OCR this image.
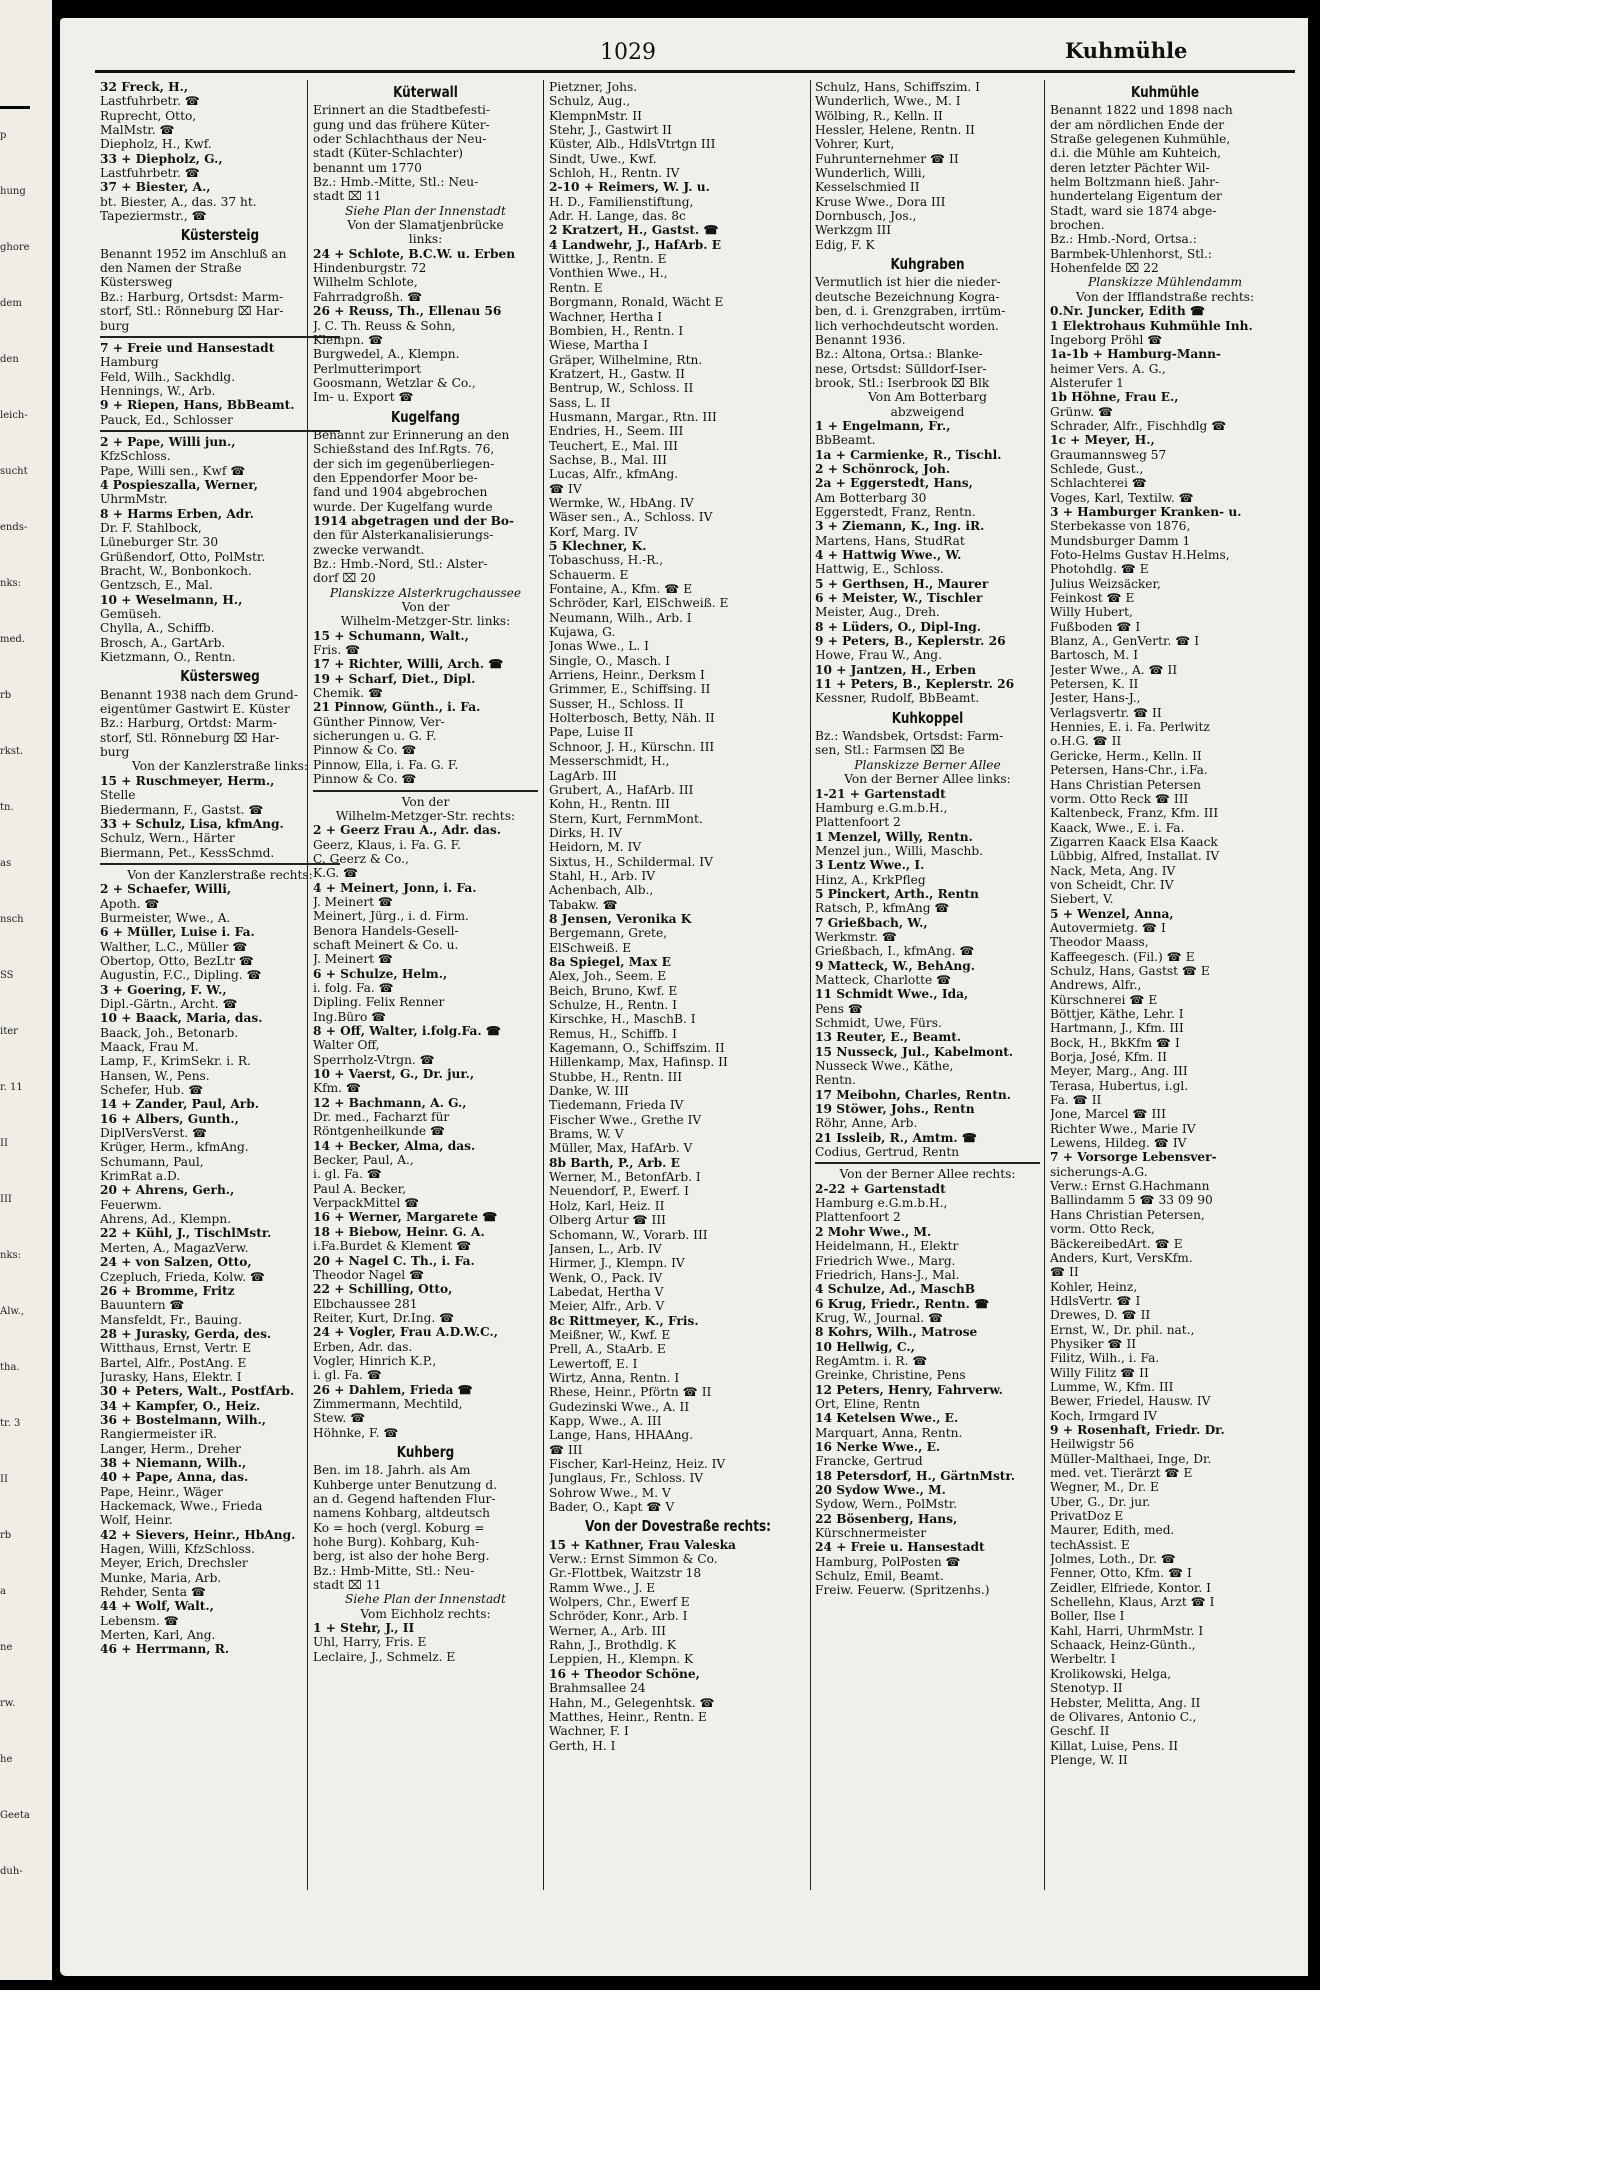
p
hung
ghore
dem
den
leich-
sucht
ends-
nks:
med.
rb
rkst.
tn.
as
nsch
SS
iter
r. 11
II
III
nks:
Alw.,
tha.
tr. 3
II
rb
a
ne
rw.
he
Geeta
duh-
1029	Kuhmühle
32 Freck, H.,
Lastfuhrbetr. ☎
Ruprecht, Otto,
MalMstr. ☎
Diepholz, H., Kwf.
33 + Diepholz, G.,
Lastfuhrbetr. ☎
37 + Biester, A.,
bt. Biester, A., das. 37 ht.
Tapeziermstr., ☎
Küstersteig
Benannt 1952 im Anschluß an
den Namen der Straße
Küstersweg
Bz.: Harburg, Ortsdst: Marm-
storf, Stl.: Rönneburg ⌧ Har-
burg
7 + Freie und Hansestadt
Hamburg
Feld, Wilh., Sackhdlg.
Hennings, W., Arb.
9 + Riepen, Hans, BbBeamt.
Pauck, Ed., Schlosser
2 + Pape, Willi jun.,
KfzSchloss.
Pape, Willi sen., Kwf ☎
4 Pospieszalla, Werner,
UhrmMstr.
8 + Harms Erben, Adr.
Dr. F. Stahlbock,
Lüneburger Str. 30
Grüßendorf, Otto, PolMstr.
Bracht, W., Bonbonkoch.
Gentzsch, E., Mal.
10 + Weselmann, H.,
Gemüseh.
Chylla, A., Schiffb.
Brosch, A., GartArb.
Kietzmann, O., Rentn.
Küstersweg
Benannt 1938 nach dem Grund-
eigentümer Gastwirt E. Küster
Bz.: Harburg, Ortdst: Marm-
storf, Stl. Rönneburg ⌧ Har-
burg
Von der Kanzlerstraße links:
15 + Ruschmeyer, Herm.,
Stelle
Biedermann, F., Gastst. ☎
33 + Schulz, Lisa, kfmAng.
Schulz, Wern., Härter
Biermann, Pet., KessSchmd.
Von der Kanzlerstraße rechts:
2 + Schaefer, Willi,
Apoth. ☎
Burmeister, Wwe., A.
6 + Müller, Luise i. Fa.
Walther, L.C., Müller ☎
Obertop, Otto, BezLtr ☎
Augustin, F.C., Dipling. ☎
3 + Goering, F. W.,
Dipl.-Gärtn., Archt. ☎
10 + Baack, Maria, das.
Baack, Joh., Betonarb.
Maack, Frau M.
Lamp, F., KrimSekr. i. R.
Hansen, W., Pens.
Schefer, Hub. ☎
14 + Zander, Paul, Arb.
16 + Albers, Gunth.,
DiplVersVerst. ☎
Krüger, Herm., kfmAng.
Schumann, Paul,
KrimRat a.D.
20 + Ahrens, Gerh.,
Feuerwm.
Ahrens, Ad., Klempn.
22 + Kühl, J., TischlMstr.
Merten, A., MagazVerw.
24 + von Salzen, Otto,
Czepluch, Frieda, Kolw. ☎
26 + Bromme, Fritz
Bauuntern ☎
Mansfeldt, Fr., Bauing.
28 + Jurasky, Gerda, des.
Witthaus, Ernst, Vertr. E
Bartel, Alfr., PostAng. E
Jurasky, Hans, Elektr. I
30 + Peters, Walt., PostfArb.
34 + Kampfer, O., Heiz.
36 + Bostelmann, Wilh.,
Rangiermeister iR.
Langer, Herm., Dreher
38 + Niemann, Wilh.,
40 + Pape, Anna, das.
Pape, Heinr., Wäger
Hackemack, Wwe., Frieda
Wolf, Heinr.
42 + Sievers, Heinr., HbAng.
Hagen, Willi, KfzSchloss.
Meyer, Erich, Drechsler
Munke, Maria, Arb.
Rehder, Senta ☎
44 + Wolf, Walt.,
Lebensm. ☎
Merten, Karl, Ang.
46 + Herrmann, R.
Küterwall
Erinnert an die Stadtbefesti-
gung und das frühere Küter-
oder Schlachthaus der Neu-
stadt (Küter-Schlachter)
benannt um 1770
Bz.: Hmb.-Mitte, Stl.: Neu-
stadt ⌧ 11
Siehe Plan der Innenstadt
Von der Slamatjenbrücke
links:
24 + Schlote, B.C.W. u. Erben
Hindenburgstr. 72
Wilhelm Schlote,
Fahrradgroßh. ☎
26 + Reuss, Th., Ellenau 56
J. C. Th. Reuss & Sohn,
Klempn. ☎
Burgwedel, A., Klempn.
Perlmutterimport
Goosmann, Wetzlar & Co.,
Im- u. Export ☎
Kugelfang
Benannt zur Erinnerung an den
Schießstand des Inf.Rgts. 76,
der sich im gegenüberliegen-
den Eppendorfer Moor be-
fand und 1904 abgebrochen
wurde. Der Kugelfang wurde
1914 abgetragen und der Bo-
den für Alsterkanalisierungs-
zwecke verwandt.
Bz.: Hmb.-Nord, Stl.: Alster-
dorf ⌧ 20
Planskizze Alsterkrugchaussee
Von der
Wilhelm-Metzger-Str. links:
15 + Schumann, Walt.,
Fris. ☎
17 + Richter, Willi, Arch. ☎
19 + Scharf, Diet., Dipl.
Chemik. ☎
21 Pinnow, Günth., i. Fa.
Günther Pinnow, Ver-
sicherungen u. G. F.
Pinnow & Co. ☎
Pinnow, Ella, i. Fa. G. F.
Pinnow & Co. ☎
Von der
Wilhelm-Metzger-Str. rechts:
2 + Geerz Frau A., Adr. das.
Geerz, Klaus, i. Fa. G. F.
C. Geerz & Co.,
K.G. ☎
4 + Meinert, Jonn, i. Fa.
J. Meinert ☎
Meinert, Jürg., i. d. Firm.
Benora Handels-Gesell-
schaft Meinert & Co. u.
J. Meinert ☎
6 + Schulze, Helm.,
i. folg. Fa. ☎
Dipling. Felix Renner
Ing.Büro ☎
8 + Off, Walter, i.folg.Fa. ☎
Walter Off,
Sperrholz-Vtrgn. ☎
10 + Vaerst, G., Dr. jur.,
Kfm. ☎
12 + Bachmann, A. G.,
Dr. med., Facharzt für
Röntgenheilkunde ☎
14 + Becker, Alma, das.
Becker, Paul, A.,
i. gl. Fa. ☎
Paul A. Becker,
VerpackMittel ☎
16 + Werner, Margarete ☎
18 + Biebow, Heinr. G. A.
i.Fa.Burdet & Klement ☎
20 + Nagel C. Th., i. Fa.
Theodor Nagel ☎
22 + Schilling, Otto,
Elbchaussee 281
Reiter, Kurt, Dr.Ing. ☎
24 + Vogler, Frau A.D.W.C.,
Erben, Adr. das.
Vogler, Hinrich K.P.,
i. gl. Fa. ☎
26 + Dahlem, Frieda ☎
Zimmermann, Mechtild,
Stew. ☎
Höhnke, F. ☎
Kuhberg
Ben. im 18. Jahrh. als Am
Kuhberge unter Benutzung d.
an d. Gegend haftenden Flur-
namens Kohbarg, altdeutsch
Ko = hoch (vergl. Koburg =
hohe Burg). Kohbarg, Kuh-
berg, ist also der hohe Berg.
Bz.: Hmb-Mitte, Stl.: Neu-
stadt ⌧ 11
Siehe Plan der Innenstadt
Vom Eichholz rechts:
1 + Stehr, J., II
Uhl, Harry, Fris. E
Leclaire, J., Schmelz. E
Pietzner, Johs.
Schulz, Aug.,
KlempnMstr. II
Stehr, J., Gastwirt II
Küster, Alb., HdlsVtrtgn III
Sindt, Uwe., Kwf.
Schloh, H., Rentn. IV
2-10 + Reimers, W. J. u.
H. D., Familienstiftung,
Adr. H. Lange, das. 8c
2 Kratzert, H., Gastst. ☎
4 Landwehr, J., HafArb. E
Wittke, J., Rentn. E
Vonthien Wwe., H.,
Rentn. E
Borgmann, Ronald, Wächt E
Wachner, Hertha I
Bombien, H., Rentn. I
Wiese, Martha I
Gräper, Wilhelmine, Rtn.
Kratzert, H., Gastw. II
Bentrup, W., Schloss. II
Sass, L. II
Husmann, Margar., Rtn. III
Endries, H., Seem. III
Teuchert, E., Mal. III
Sachse, B., Mal. III
Lucas, Alfr., kfmAng.
☎ IV
Wermke, W., HbAng. IV
Wäser sen., A., Schloss. IV
Korf, Marg. IV
5 Klechner, K.
Tobaschuss, H.-R.,
Schauerm. E
Fontaine, A., Kfm. ☎ E
Schröder, Karl, ElSchweiß. E
Neumann, Wilh., Arb. I
Kujawa, G.
Jonas Wwe., L. I
Single, O., Masch. I
Arriens, Heinr., Derksm I
Grimmer, E., Schiffsing. II
Susser, H., Schloss. II
Holterbosch, Betty, Näh. II
Pape, Luise II
Schnoor, J. H., Kürschn. III
Messerschmidt, H.,
LagArb. III
Grubert, A., HafArb. III
Kohn, H., Rentn. III
Stern, Kurt, FernmMont.
Dirks, H. IV
Heidorn, M. IV
Sixtus, H., Schildermal. IV
Stahl, H., Arb. IV
Achenbach, Alb.,
Tabakw. ☎
8 Jensen, Veronika K
Bergemann, Grete,
ElSchweiß. E
8a Spiegel, Max E
Alex, Joh., Seem. E
Beich, Bruno, Kwf. E
Schulze, H., Rentn. I
Kirschke, H., MaschB. I
Remus, H., Schiffb. I
Kagemann, O., Schiffszim. II
Hillenkamp, Max, Hafinsp. II
Stubbe, H., Rentn. III
Danke, W. III
Tiedemann, Frieda IV
Fischer Wwe., Grethe IV
Brams, W. V
Müller, Max, HafArb. V
8b Barth, P., Arb. E
Werner, M., BetonfArb. I
Neuendorf, P., Ewerf. I
Holz, Karl, Heiz. II
Olberg Artur ☎ III
Schomann, W., Vorarb. III
Jansen, L., Arb. IV
Hirmer, J., Klempn. IV
Wenk, O., Pack. IV
Labedat, Hertha V
Meier, Alfr., Arb. V
8c Rittmeyer, K., Fris.
Meißner, W., Kwf. E
Prell, A., StaArb. E
Lewertoff, E. I
Wirtz, Anna, Rentn. I
Rhese, Heinr., Pförtn ☎ II
Gudezinski Wwe., A. II
Kapp, Wwe., A. III
Lange, Hans, HHAAng.
☎ III
Fischer, Karl-Heinz, Heiz. IV
Junglaus, Fr., Schloss. IV
Sohrow Wwe., M. V
Bader, O., Kapt ☎ V
Von der Dovestraße rechts:
15 + Kathner, Frau Valeska
Verw.: Ernst Simmon & Co.
Gr.-Flottbek, Waitzstr 18
Ramm Wwe., J. E
Wolpers, Chr., Ewerf E
Schröder, Konr., Arb. I
Werner, A., Arb. III
Rahn, J., Brothdlg. K
Leppien, H., Klempn. K
16 + Theodor Schöne,
Brahmsallee 24
Hahn, M., Gelegenhtsk. ☎
Matthes, Heinr., Rentn. E
Wachner, F. I
Gerth, H. I
Schulz, Hans, Schiffszim. I
Wunderlich, Wwe., M. I
Wölbing, R., Kelln. II
Hessler, Helene, Rentn. II
Vohrer, Kurt,
Fuhrunternehmer ☎ II
Wunderlich, Willi,
Kesselschmied II
Kruse Wwe., Dora III
Dornbusch, Jos.,
Werkzgm III
Edig, F. K
Kuhgraben
Vermutlich ist hier die nieder-
deutsche Bezeichnung Kogra-
ben, d. i. Grenzgraben, irrtüm-
lich verhochdeutscht worden.
Benannt 1936.
Bz.: Altona, Ortsa.: Blanke-
nese, Ortsdst: Sülldorf-Iser-
brook, Stl.: Iserbrook ⌧ Blk
Von Am Botterbarg
abzweigend
1 + Engelmann, Fr.,
BbBeamt.
1a + Carmienke, R., Tischl.
2 + Schönrock, Joh.
2a + Eggerstedt, Hans,
Am Botterbarg 30
Eggerstedt, Franz, Rentn.
3 + Ziemann, K., Ing. iR.
Martens, Hans, StudRat
4 + Hattwig Wwe., W.
Hattwig, E., Schloss.
5 + Gerthsen, H., Maurer
6 + Meister, W., Tischler
Meister, Aug., Dreh.
8 + Lüders, O., Dipl-Ing.
9 + Peters, B., Keplerstr. 26
Howe, Frau W., Ang.
10 + Jantzen, H., Erben
11 + Peters, B., Keplerstr. 26
Kessner, Rudolf, BbBeamt.
Kuhkoppel
Bz.: Wandsbek, Ortsdst: Farm-
sen, Stl.: Farmsen ⌧ Be
Planskizze Berner Allee
Von der Berner Allee links:
1-21 + Gartenstadt
Hamburg e.G.m.b.H.,
Plattenfoort 2
1 Menzel, Willy, Rentn.
Menzel jun., Willi, Maschb.
3 Lentz Wwe., I.
Hinz, A., KrkPfleg
5 Pinckert, Arth., Rentn
Ratsch, P., kfmAng ☎
7 Grießbach, W.,
Werkmstr. ☎
Grießbach, I., kfmAng. ☎
9 Matteck, W., BehAng.
Matteck, Charlotte ☎
11 Schmidt Wwe., Ida,
Pens ☎
Schmidt, Uwe, Fürs.
13 Reuter, E., Beamt.
15 Nusseck, Jul., Kabelmont.
Nusseck Wwe., Käthe,
Rentn.
17 Meibohn, Charles, Rentn.
19 Stöwer, Johs., Rentn
Röhr, Anne, Arb.
21 Issleib, R., Amtm. ☎
Codius, Gertrud, Rentn
Von der Berner Allee rechts:
2-22 + Gartenstadt
Hamburg e.G.m.b.H.,
Plattenfoort 2
2 Mohr Wwe., M.
Heidelmann, H., Elektr
Friedrich Wwe., Marg.
Friedrich, Hans-J., Mal.
4 Schulze, Ad., MaschB
6 Krug, Friedr., Rentn. ☎
Krug, W., Journal. ☎
8 Kohrs, Wilh., Matrose
10 Hellwig, C.,
RegAmtm. i. R. ☎
Greinke, Christine, Pens
12 Peters, Henry, Fahrverw.
Ort, Eline, Rentn
14 Ketelsen Wwe., E.
Marquart, Anna, Rentn.
16 Nerke Wwe., E.
Francke, Gertrud
18 Petersdorf, H., GärtnMstr.
20 Sydow Wwe., M.
Sydow, Wern., PolMstr.
22 Bösenberg, Hans,
Kürschnermeister
24 + Freie u. Hansestadt
Hamburg, PolPosten ☎
Schulz, Emil, Beamt.
Freiw. Feuerw. (Spritzenhs.)
Kuhmühle
Benannt 1822 und 1898 nach
der am nördlichen Ende der
Straße gelegenen Kuhmühle,
d.i. die Mühle am Kuhteich,
deren letzter Pächter Wil-
helm Boltzmann hieß. Jahr-
hundertelang Eigentum der
Stadt, ward sie 1874 abge-
brochen.
Bz.: Hmb.-Nord, Ortsa.:
Barmbek-Uhlenhorst, Stl.:
Hohenfelde ⌧ 22
Planskizze Mühlendamm
Von der Ifflandstraße rechts:
0.Nr. Juncker, Edith ☎
1 Elektrohaus Kuhmühle Inh.
Ingeborg Pröhl ☎
1a-1b + Hamburg-Mann-
heimer Vers. A. G.,
Alsterufer 1
1b Höhne, Frau E.,
Grünw. ☎
Schrader, Alfr., Fischhdlg ☎
1c + Meyer, H.,
Graumannsweg 57
Schlede, Gust.,
Schlachterei ☎
Voges, Karl, Textilw. ☎
3 + Hamburger Kranken- u.
Sterbekasse von 1876,
Mundsburger Damm 1
Foto-Helms Gustav H.Helms,
Photohdlg. ☎ E
Julius Weizsäcker,
Feinkost ☎ E
Willy Hubert,
Fußboden ☎ I
Blanz, A., GenVertr. ☎ I
Bartosch, M. I
Jester Wwe., A. ☎ II
Petersen, K. II
Jester, Hans-J.,
Verlagsvertr. ☎ II
Hennies, E. i. Fa. Perlwitz
o.H.G. ☎ II
Gericke, Herm., Kelln. II
Petersen, Hans-Chr., i.Fa.
Hans Christian Petersen
vorm. Otto Reck ☎ III
Kaltenbeck, Franz, Kfm. III
Kaack, Wwe., E. i. Fa.
Zigarren Kaack Elsa Kaack
Lübbig, Alfred, Installat. IV
Nack, Meta, Ang. IV
von Scheidt, Chr. IV
Siebert, V.
5 + Wenzel, Anna,
Autovermietg. ☎ I
Theodor Maass,
Kaffeegesch. (Fil.) ☎ E
Schulz, Hans, Gastst ☎ E
Andrews, Alfr.,
Kürschnerei ☎ E
Böttjer, Käthe, Lehr. I
Hartmann, J., Kfm. III
Bock, H., BkKfm ☎ I
Borja, José, Kfm. II
Meyer, Marg., Ang. III
Terasa, Hubertus, i.gl.
Fa. ☎ II
Jone, Marcel ☎ III
Richter Wwe., Marie IV
Lewens, Hildeg. ☎ IV
7 + Vorsorge Lebensver-
sicherungs-A.G.
Verw.: Ernst G.Hachmann
Ballindamm 5 ☎ 33 09 90
Hans Christian Petersen,
vorm. Otto Reck,
BäckereibedArt. ☎ E
Anders, Kurt, VersKfm.
☎ II
Kohler, Heinz,
HdlsVertr. ☎ I
Drewes, D. ☎ II
Ernst, W., Dr. phil. nat.,
Physiker ☎ II
Filitz, Wilh., i. Fa.
Willy Filitz ☎ II
Lumme, W., Kfm. III
Bewer, Friedel, Hausw. IV
Koch, Irmgard IV
9 + Rosenhaft, Friedr. Dr.
Heilwigstr 56
Müller-Malthaei, Inge, Dr.
med. vet. Tierärzt ☎ E
Wegner, M., Dr. E
Uber, G., Dr. jur.
PrivatDoz E
Maurer, Edith, med.
techAssist. E
Jolmes, Loth., Dr. ☎
Fenner, Otto, Kfm. ☎ I
Zeidler, Elfriede, Kontor. I
Schellehn, Klaus, Arzt ☎ I
Boller, Ilse I
Kahl, Harri, UhrmMstr. I
Schaack, Heinz-Günth.,
Werbeltr. I
Krolikowski, Helga,
Stenotyp. II
Hebster, Melitta, Ang. II
de Olivares, Antonio C.,
Geschf. II
Killat, Luise, Pens. II
Plenge, W. II
